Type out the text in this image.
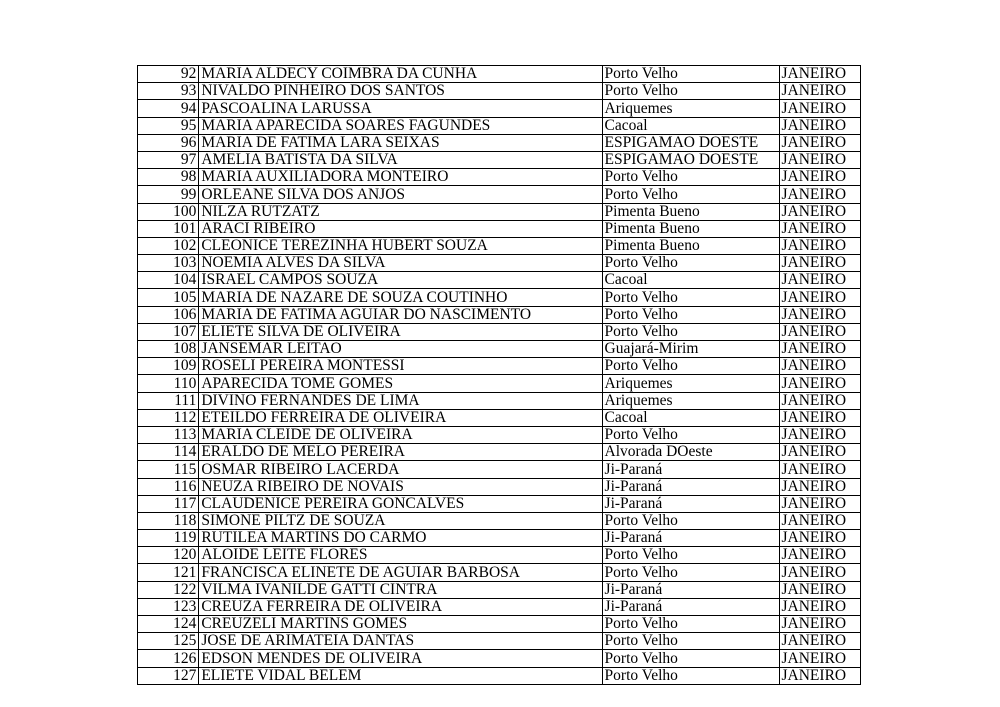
92	MARIA ALDECY COIMBRA DA CUNHA	Porto Velho	JANEIRO
93	NIVALDO PINHEIRO DOS SANTOS	Porto Velho	JANEIRO
94	PASCOALINA LARUSSA	Ariquemes	JANEIRO
95	MARIA APARECIDA SOARES FAGUNDES	Cacoal	JANEIRO
96	MARIA DE FATIMA LARA SEIXAS	ESPIGAMAO DOESTE	JANEIRO
97	AMELIA BATISTA DA SILVA	ESPIGAMAO DOESTE	JANEIRO
98	MARIA AUXILIADORA MONTEIRO	Porto Velho	JANEIRO
99	ORLEANE SILVA DOS ANJOS	Porto Velho	JANEIRO
100	NILZA RUTZATZ	Pimenta Bueno	JANEIRO
101	ARACI RIBEIRO	Pimenta Bueno	JANEIRO
102	CLEONICE TEREZINHA HUBERT SOUZA	Pimenta Bueno	JANEIRO
103	NOEMIA ALVES DA SILVA	Porto Velho	JANEIRO
104	ISRAEL CAMPOS SOUZA	Cacoal	JANEIRO
105	MARIA DE NAZARE DE SOUZA COUTINHO	Porto Velho	JANEIRO
106	MARIA DE FATIMA AGUIAR DO NASCIMENTO	Porto Velho	JANEIRO
107	ELIETE SILVA DE OLIVEIRA	Porto Velho	JANEIRO
108	JANSEMAR LEITAO	Guajará-Mirim	JANEIRO
109	ROSELI PEREIRA MONTESSI	Porto Velho	JANEIRO
110	APARECIDA TOME GOMES	Ariquemes	JANEIRO
111	DIVINO FERNANDES DE LIMA	Ariquemes	JANEIRO
112	ETEILDO FERREIRA DE OLIVEIRA	Cacoal	JANEIRO
113	MARIA CLEIDE DE OLIVEIRA	Porto Velho	JANEIRO
114	ERALDO DE MELO PEREIRA	Alvorada DOeste	JANEIRO
115	OSMAR RIBEIRO LACERDA	Ji-Paraná	JANEIRO
116	NEUZA RIBEIRO DE NOVAIS	Ji-Paraná	JANEIRO
117	CLAUDENICE PEREIRA GONCALVES	Ji-Paraná	JANEIRO
118	SIMONE PILTZ DE SOUZA	Porto Velho	JANEIRO
119	RUTILEA MARTINS DO CARMO	Ji-Paraná	JANEIRO
120	ALOIDE LEITE FLORES	Porto Velho	JANEIRO
121	FRANCISCA ELINETE DE AGUIAR BARBOSA	Porto Velho	JANEIRO
122	VILMA IVANILDE GATTI CINTRA	Ji-Paraná	JANEIRO
123	CREUZA FERREIRA DE OLIVEIRA	Ji-Paraná	JANEIRO
124	CREUZELI MARTINS GOMES	Porto Velho	JANEIRO
125	JOSE DE ARIMATEIA DANTAS	Porto Velho	JANEIRO
126	EDSON MENDES DE OLIVEIRA	Porto Velho	JANEIRO
127	ELIETE VIDAL BELEM	Porto Velho	JANEIRO
